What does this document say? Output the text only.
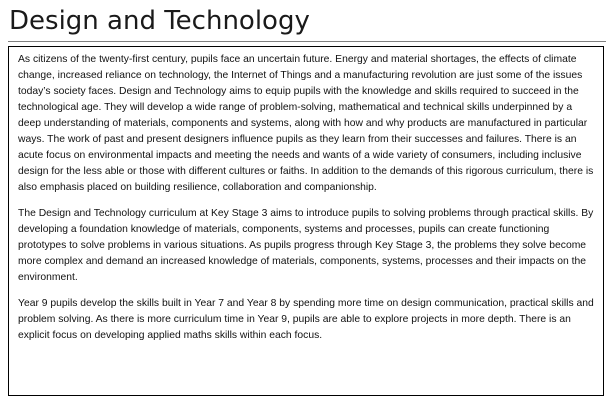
Design and Technology

As citizens of the twenty-first century, pupils face an uncertain future. Energy and material shortages, the effects of climate change, increased reliance on technology, the Internet of Things and a manufacturing revolution are just some of the issues today’s society faces. Design and Technology aims to equip pupils with the knowledge and skills required to succeed in the technological age. They will develop a wide range of problem-solving, mathematical and technical skills underpinned by a deep understanding of materials, components and systems, along with how and why products are manufactured in particular ways. The work of past and present designers influence pupils as they learn from their successes and failures. There is an acute focus on environmental impacts and meeting the needs and wants of a wide variety of consumers, including inclusive design for the less able or those with different cultures or faiths. In addition to the demands of this rigorous curriculum, there is also emphasis placed on building resilience, collaboration and companionship.

The Design and Technology curriculum at Key Stage 3 aims to introduce pupils to solving problems through practical skills. By developing a foundation knowledge of materials, components, systems and processes, pupils can create functioning prototypes to solve problems in various situations. As pupils progress through Key Stage 3, the problems they solve become more complex and demand an increased knowledge of materials, components, systems, processes and their impacts on the environment.

Year 9 pupils develop the skills built in Year 7 and Year 8 by spending more time on design communication, practical skills and problem solving. As there is more curriculum time in Year 9, pupils are able to explore projects in more depth. There is an explicit focus on developing applied maths skills within each focus.
